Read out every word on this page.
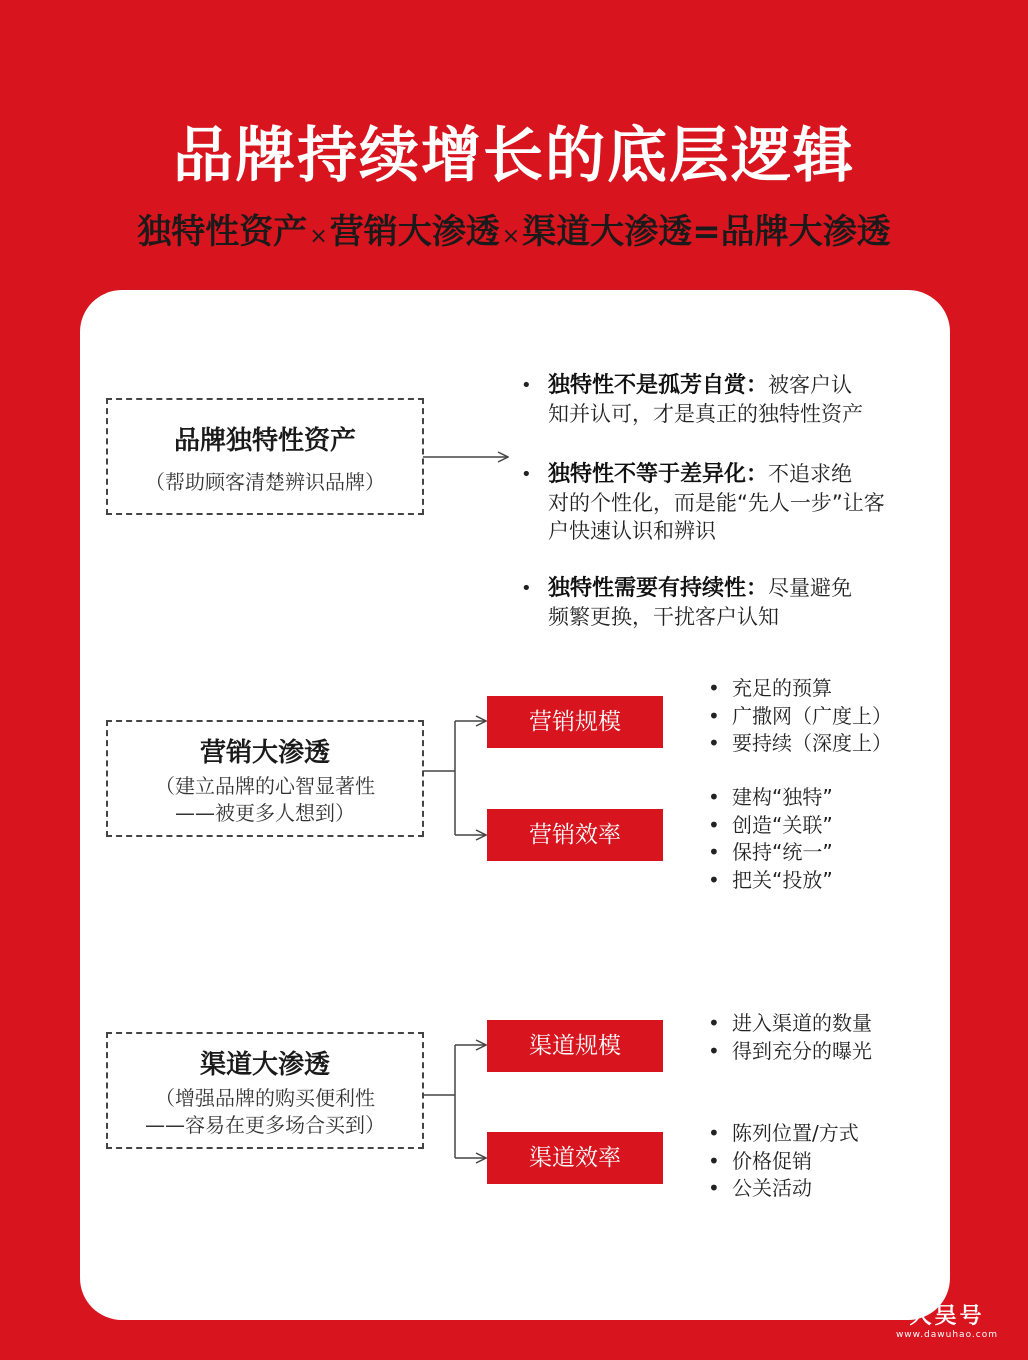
品牌持续增长的底层逻辑
独特性资产×营销大渗透×渠道大渗透=品牌大渗透
品牌独特性资产
（帮助顾客清楚辨识品牌）
• 独特性不是孤芳自赏：被客户认
知并认可，才是真正的独特性资产
• 独特性不等于差异化：不追求绝
对的个性化，而是能“先人一步”让客
户快速认识和辨识
• 独特性需要有持续性：尽量避免
频繁更换，干扰客户认知
营销大渗透
（建立品牌的心智显著性
——被更多人想到）
营销规模
营销效率
• 充足的预算
• 广撒网（广度上）
• 要持续（深度上）
• 建构“独特”
• 创造“关联”
• 保持“统一”
• 把关“投放”
渠道大渗透
（增强品牌的购买便利性
——容易在更多场合买到）
渠道规模
渠道效率
• 进入渠道的数量
• 得到充分的曝光
• 陈列位置/方式
• 价格促销
• 公关活动
大吴号
www.dawuhao.com
